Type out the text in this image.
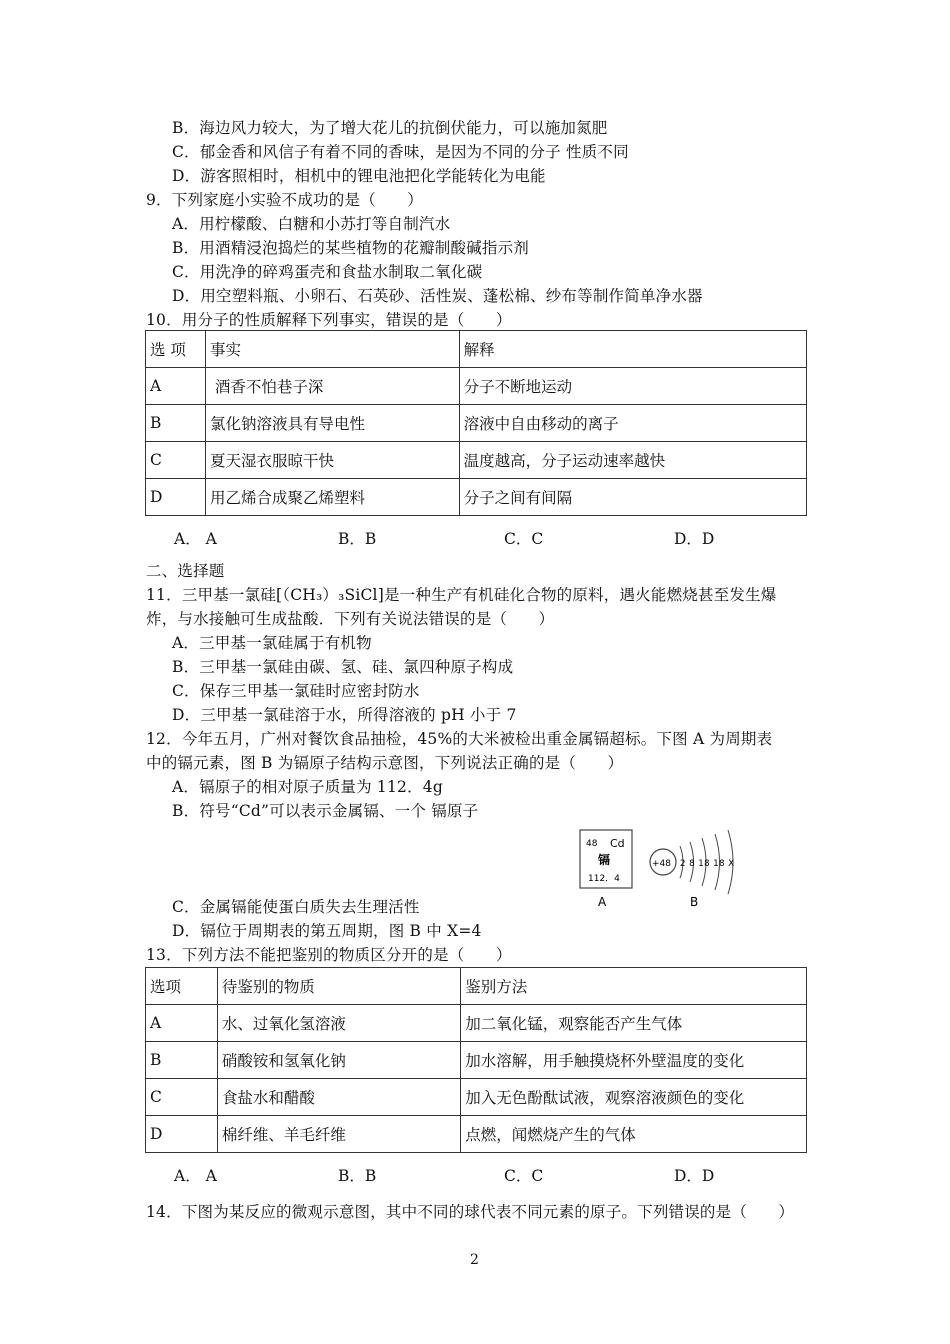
B．海边风力较大，为了增大花儿的抗倒伏能力，可以施加氮肥
C．郁金香和风信子有着不同的香味，是因为不同的分子 性质不同
D．游客照相时，相机中的锂电池把化学能转化为电能
9．下列家庭小实验不成功的是（　　）
A．用柠檬酸、白糖和小苏打等自制汽水
B．用酒精浸泡捣烂的某些植物的花瓣制酸碱指示剂
C．用洗净的碎鸡蛋壳和食盐水制取二氧化碳
D．用空塑料瓶、小卵石、石英砂、活性炭、蓬松棉、纱布等制作简单净水器
10．用分子的性质解释下列事实，错误的是（　　）
选 项	事实	解释
A	酒香不怕巷子深	分子不断地运动
B	氯化钠溶液具有导电性	溶液中自由移动的离子
C	夏天湿衣服晾干快	温度越高，分子运动速率越快
D	用乙烯合成聚乙烯塑料	分子之间有间隔
A． A	B．B	C．C	D．D
二、选择题
11．三甲基一氯硅[（CH₃）₃SiCl]是一种生产有机硅化合物的原料，遇火能燃烧甚至发生爆
炸，与水接触可生成盐酸．下列有关说法错误的是（　　）
A．三甲基一氯硅属于有机物
B．三甲基一氯硅由碳、氢、硅、氯四种原子构成
C．保存三甲基一氯硅时应密封防水
D．三甲基一氯硅溶于水，所得溶液的 pH 小于 7
12．今年五月，广州对餐饮食品抽检，45%的大米被检出重金属镉超标。下图 A 为周期表
中的镉元素，图 B 为镉原子结构示意图，下列说法正确的是（　　）
A．镉原子的相对原子质量为 112．4g
B．符号“Cd”可以表示金属镉、一个 镉原子
48 Cd
镉
112．4
A
+48 2 8 18 18 X
B
C．金属镉能使蛋白质失去生理活性
D．镉位于周期表的第五周期，图 B 中 X=4
13．下列方法不能把鉴别的物质区分开的是（　　）
选项	待鉴别的物质	鉴别方法
A	水、过氧化氢溶液	加二氧化锰，观察能否产生气体
B	硝酸铵和氢氧化钠	加水溶解，用手触摸烧杯外壁温度的变化
C	食盐水和醋酸	加入无色酚酞试液，观察溶液颜色的变化
D	棉纤维、羊毛纤维	点燃，闻燃烧产生的气体
A． A	B．B	C．C	D．D
14．下图为某反应的微观示意图，其中不同的球代表不同元素的原子。下列错误的是（　　）
2
